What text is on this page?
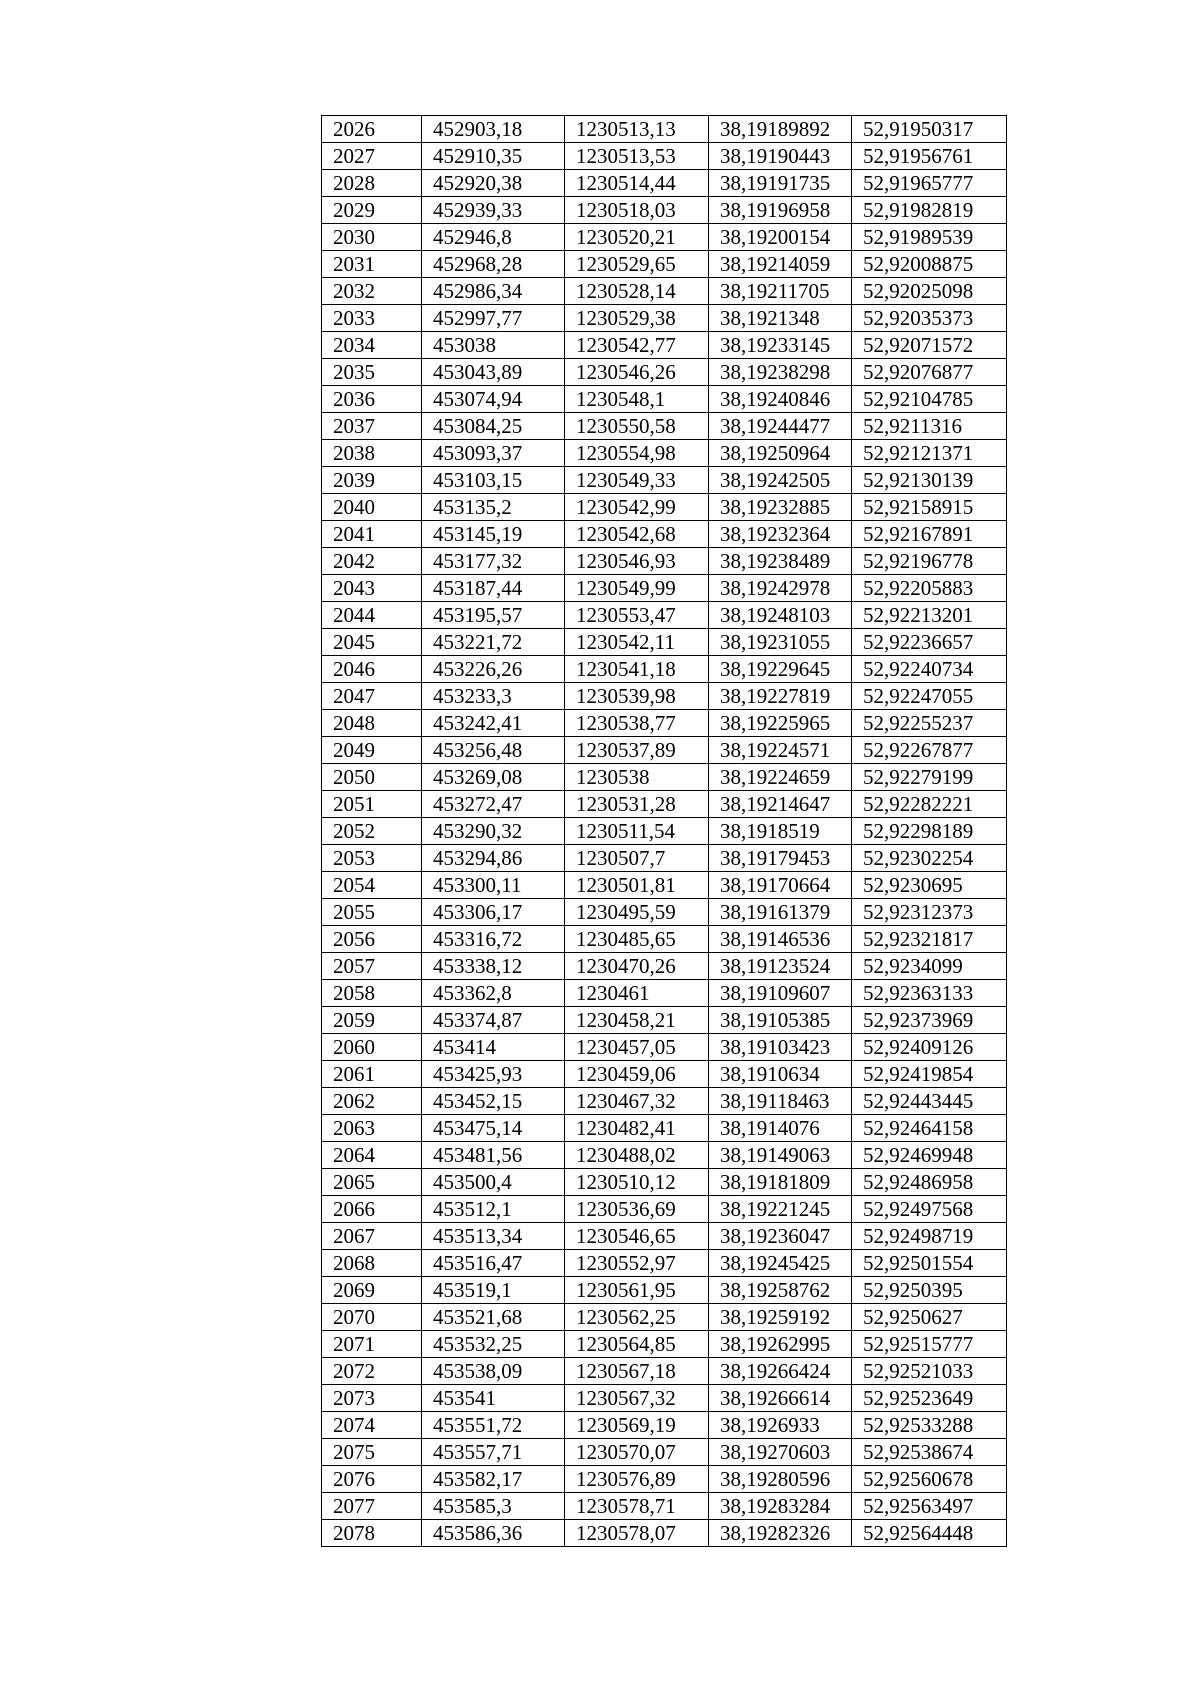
2026	452903,18	1230513,13	38,19189892	52,91950317
2027	452910,35	1230513,53	38,19190443	52,91956761
2028	452920,38	1230514,44	38,19191735	52,91965777
2029	452939,33	1230518,03	38,19196958	52,91982819
2030	452946,8	1230520,21	38,19200154	52,91989539
2031	452968,28	1230529,65	38,19214059	52,92008875
2032	452986,34	1230528,14	38,19211705	52,92025098
2033	452997,77	1230529,38	38,1921348	52,92035373
2034	453038	1230542,77	38,19233145	52,92071572
2035	453043,89	1230546,26	38,19238298	52,92076877
2036	453074,94	1230548,1	38,19240846	52,92104785
2037	453084,25	1230550,58	38,19244477	52,9211316
2038	453093,37	1230554,98	38,19250964	52,92121371
2039	453103,15	1230549,33	38,19242505	52,92130139
2040	453135,2	1230542,99	38,19232885	52,92158915
2041	453145,19	1230542,68	38,19232364	52,92167891
2042	453177,32	1230546,93	38,19238489	52,92196778
2043	453187,44	1230549,99	38,19242978	52,92205883
2044	453195,57	1230553,47	38,19248103	52,92213201
2045	453221,72	1230542,11	38,19231055	52,92236657
2046	453226,26	1230541,18	38,19229645	52,92240734
2047	453233,3	1230539,98	38,19227819	52,92247055
2048	453242,41	1230538,77	38,19225965	52,92255237
2049	453256,48	1230537,89	38,19224571	52,92267877
2050	453269,08	1230538	38,19224659	52,92279199
2051	453272,47	1230531,28	38,19214647	52,92282221
2052	453290,32	1230511,54	38,1918519	52,92298189
2053	453294,86	1230507,7	38,19179453	52,92302254
2054	453300,11	1230501,81	38,19170664	52,9230695
2055	453306,17	1230495,59	38,19161379	52,92312373
2056	453316,72	1230485,65	38,19146536	52,92321817
2057	453338,12	1230470,26	38,19123524	52,9234099
2058	453362,8	1230461	38,19109607	52,92363133
2059	453374,87	1230458,21	38,19105385	52,92373969
2060	453414	1230457,05	38,19103423	52,92409126
2061	453425,93	1230459,06	38,1910634	52,92419854
2062	453452,15	1230467,32	38,19118463	52,92443445
2063	453475,14	1230482,41	38,1914076	52,92464158
2064	453481,56	1230488,02	38,19149063	52,92469948
2065	453500,4	1230510,12	38,19181809	52,92486958
2066	453512,1	1230536,69	38,19221245	52,92497568
2067	453513,34	1230546,65	38,19236047	52,92498719
2068	453516,47	1230552,97	38,19245425	52,92501554
2069	453519,1	1230561,95	38,19258762	52,9250395
2070	453521,68	1230562,25	38,19259192	52,9250627
2071	453532,25	1230564,85	38,19262995	52,92515777
2072	453538,09	1230567,18	38,19266424	52,92521033
2073	453541	1230567,32	38,19266614	52,92523649
2074	453551,72	1230569,19	38,1926933	52,92533288
2075	453557,71	1230570,07	38,19270603	52,92538674
2076	453582,17	1230576,89	38,19280596	52,92560678
2077	453585,3	1230578,71	38,19283284	52,92563497
2078	453586,36	1230578,07	38,19282326	52,92564448
